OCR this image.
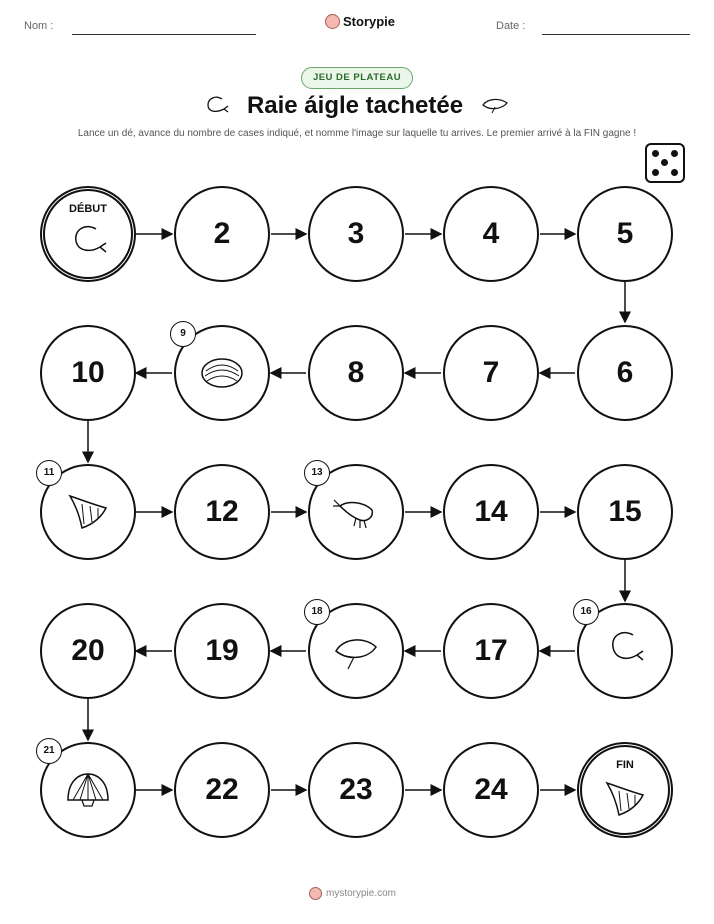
Nom :	Storypie	Date :
JEU DE PLATEAU
Raie áigle tachetée
Lance un dé, avance du nombre de cases indiqué, et nomme l'image sur laquelle tu arrives. Le premier arrivé à la FIN gagne !
DÉBUT
2	3	4	5
10
9
8	7	6
11
12
13
14	15
20	19
18
17
16
21
22	23	24
FIN
mystorypie.com
